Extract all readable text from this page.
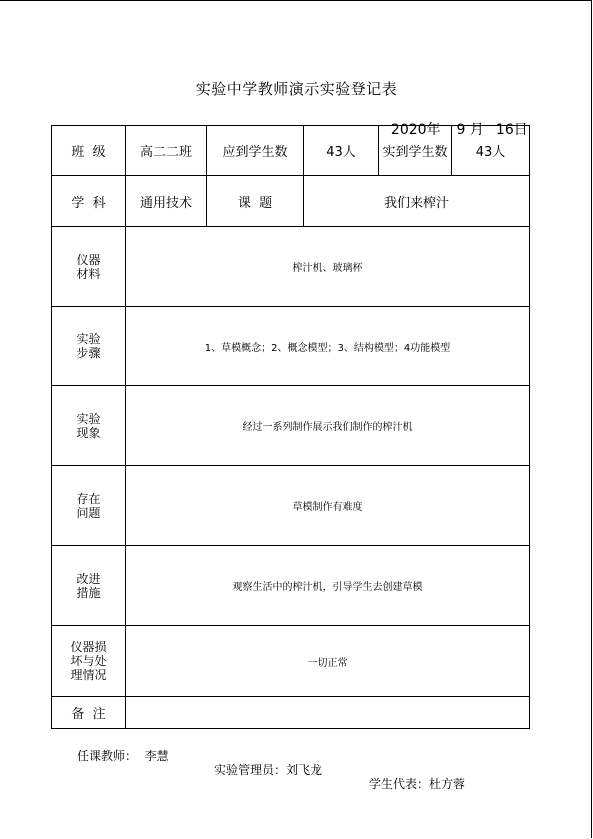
实验中学教师演示实验登记表

2020年 9 月 16日

班  级	高二二班	应到学生数	43人	实到学生数	43人
学  科	通用技术	课  题	我们来榨汁		
仪器
材料	榨汁机、玻璃杯				
实验
步骤	1、草模概念；2、概念模型；3、结构模型；4功能模型				
实验
现象	经过一系列制作展示我们制作的榨汁机				
存在
问题	草模制作有难度				
改进
措施	观察生活中的榨汁机，引导学生去创建草模				
仪器损
坏与处
理情况	一切正常				
备  注					

任课教师：  李慧

实验管理员：刘飞龙

学生代表：杜方蓉
